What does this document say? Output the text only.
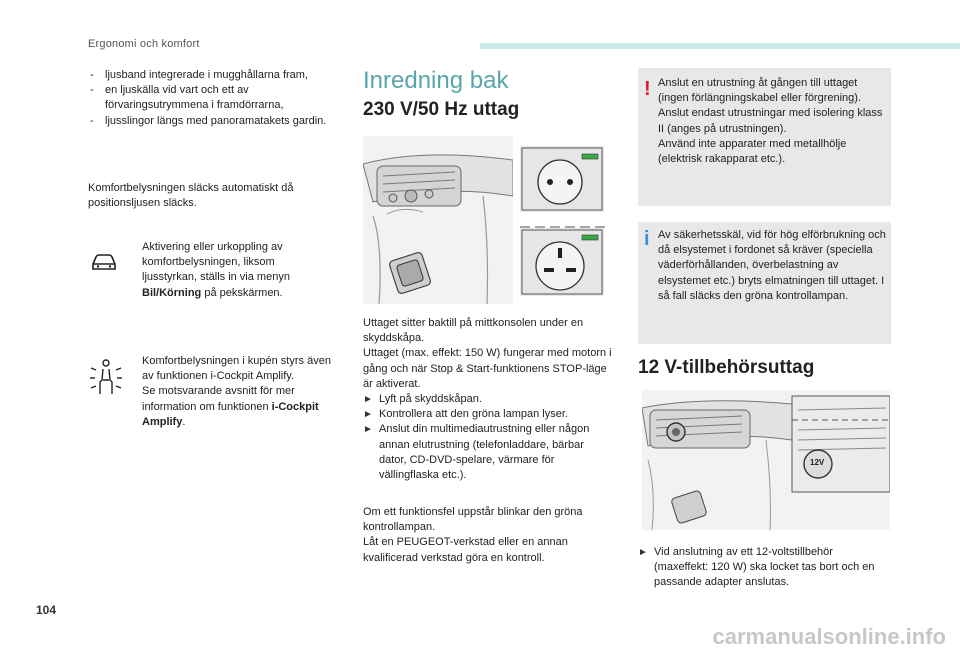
Ergonomi och komfort
- ljusband integrerade i mugghållarna fram,
- en ljuskälla vid vart och ett av förvaringsutrymmena i framdörrarna,
- ljusslingor längs med panoramatakets gardin.
Komfortbelysningen släcks automatiskt då positionsljusen släcks.
Aktivering eller urkoppling av komfortbelysningen, liksom ljusstyrkan, ställs in via menyn Bil/Körning på pekskärmen.
Komfortbelysningen i kupén styrs även av funktionen i-Cockpit Amplify.
Se motsvarande avsnitt för mer information om funktionen i-Cockpit Amplify.
Inredning bak
230 V/50 Hz uttag
Uttaget sitter baktill på mittkonsolen under en skyddskåpa.
Uttaget (max. effekt: 150 W) fungerar med motorn i gång och när Stop & Start-funktionens STOP-läge är aktiverat.
► Lyft på skyddskåpan.
► Kontrollera att den gröna lampan lyser.
► Anslut din multimediautrustning eller någon annan elutrustning (telefonladdare, bärbar dator, CD-DVD-spelare, värmare för vällingflaska etc.).
Om ett funktionsfel uppstår blinkar den gröna kontrollampan.
Låt en PEUGEOT-verkstad eller en annan kvalificerad verkstad göra en kontroll.
! Anslut en utrustning åt gången till uttaget (ingen förlängningskabel eller förgrening).
Anslut endast utrustningar med isolering klass II (anges på utrustningen).
Använd inte apparater med metallhölje (elektrisk rakapparat etc.).
i Av säkerhetsskäl, vid för hög elförbrukning och då elsystemet i fordonet så kräver (speciella väderförhållanden, överbelastning av elsystemet etc.) bryts elmatningen till uttaget. I så fall släcks den gröna kontrollampan.
12 V-tillbehörsuttag
12V
► Vid anslutning av ett 12-voltstillbehör (maxeffekt: 120 W) ska locket tas bort och en passande adapter anslutas.
104
carmanualsonline.info
